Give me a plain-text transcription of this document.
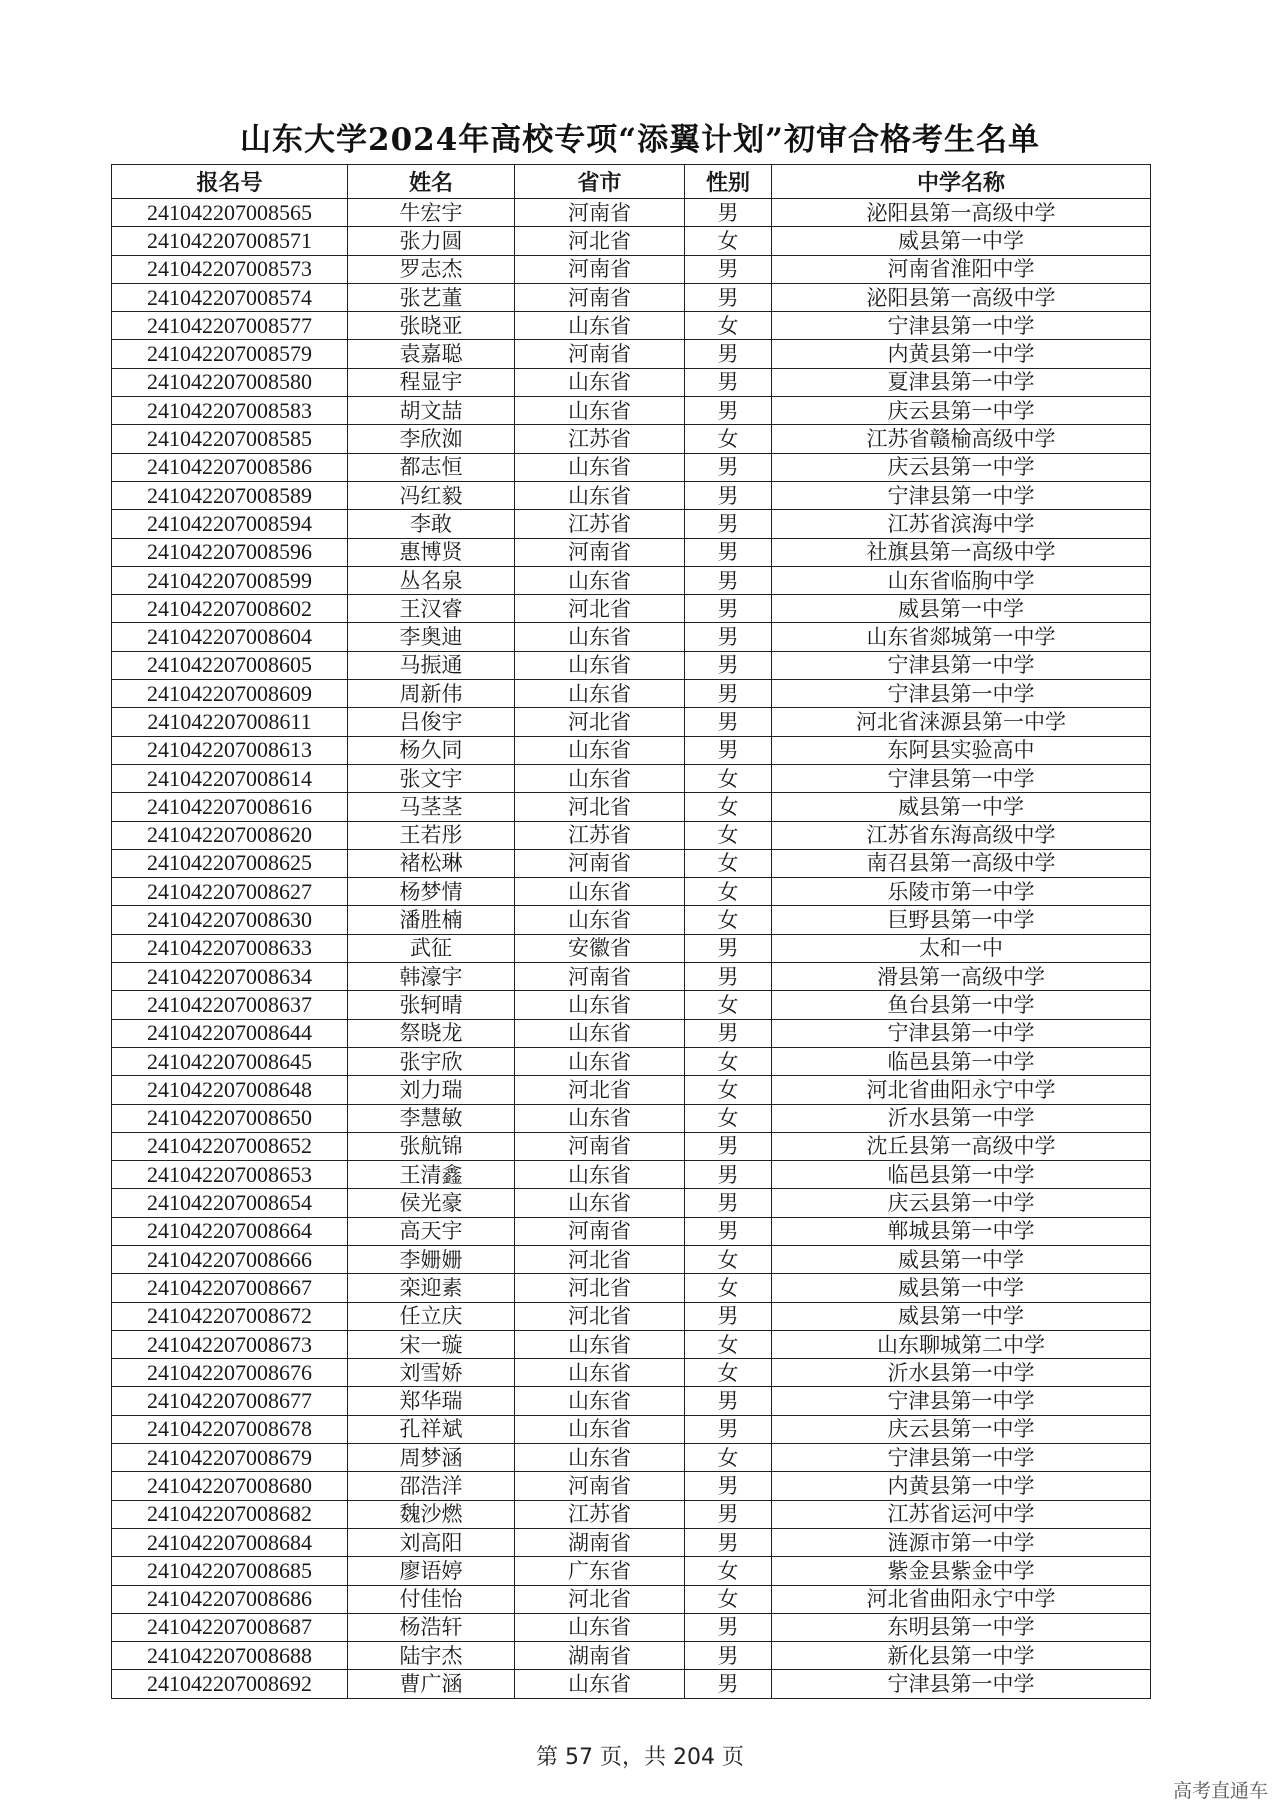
山东大学2024年高校专项“添翼计划”初审合格考生名单
报名号	姓名	省市	性别	中学名称
241042207008565	牛宏宇	河南省	男	泌阳县第一高级中学
241042207008571	张力圆	河北省	女	威县第一中学
241042207008573	罗志杰	河南省	男	河南省淮阳中学
241042207008574	张艺董	河南省	男	泌阳县第一高级中学
241042207008577	张晓亚	山东省	女	宁津县第一中学
241042207008579	袁嘉聪	河南省	男	内黄县第一中学
241042207008580	程显宇	山东省	男	夏津县第一中学
241042207008583	胡文喆	山东省	男	庆云县第一中学
241042207008585	李欣洳	江苏省	女	江苏省赣榆高级中学
241042207008586	都志恒	山东省	男	庆云县第一中学
241042207008589	冯红毅	山东省	男	宁津县第一中学
241042207008594	李敢	江苏省	男	江苏省滨海中学
241042207008596	惠博贤	河南省	男	社旗县第一高级中学
241042207008599	丛名泉	山东省	男	山东省临朐中学
241042207008602	王汉睿	河北省	男	威县第一中学
241042207008604	李奥迪	山东省	男	山东省郯城第一中学
241042207008605	马振通	山东省	男	宁津县第一中学
241042207008609	周新伟	山东省	男	宁津县第一中学
241042207008611	吕俊宇	河北省	男	河北省涞源县第一中学
241042207008613	杨久同	山东省	男	东阿县实验高中
241042207008614	张文宇	山东省	女	宁津县第一中学
241042207008616	马茎茎	河北省	女	威县第一中学
241042207008620	王若彤	江苏省	女	江苏省东海高级中学
241042207008625	褚松琳	河南省	女	南召县第一高级中学
241042207008627	杨梦情	山东省	女	乐陵市第一中学
241042207008630	潘胜楠	山东省	女	巨野县第一中学
241042207008633	武征	安徽省	男	太和一中
241042207008634	韩濠宇	河南省	男	滑县第一高级中学
241042207008637	张轲晴	山东省	女	鱼台县第一中学
241042207008644	祭晓龙	山东省	男	宁津县第一中学
241042207008645	张宇欣	山东省	女	临邑县第一中学
241042207008648	刘力瑞	河北省	女	河北省曲阳永宁中学
241042207008650	李慧敏	山东省	女	沂水县第一中学
241042207008652	张航锦	河南省	男	沈丘县第一高级中学
241042207008653	王清鑫	山东省	男	临邑县第一中学
241042207008654	侯光豪	山东省	男	庆云县第一中学
241042207008664	高天宇	河南省	男	郸城县第一中学
241042207008666	李姗姗	河北省	女	威县第一中学
241042207008667	栾迎素	河北省	女	威县第一中学
241042207008672	任立庆	河北省	男	威县第一中学
241042207008673	宋一璇	山东省	女	山东聊城第二中学
241042207008676	刘雪娇	山东省	女	沂水县第一中学
241042207008677	郑华瑞	山东省	男	宁津县第一中学
241042207008678	孔祥斌	山东省	男	庆云县第一中学
241042207008679	周梦涵	山东省	女	宁津县第一中学
241042207008680	邵浩洋	河南省	男	内黄县第一中学
241042207008682	魏沙燃	江苏省	男	江苏省运河中学
241042207008684	刘高阳	湖南省	男	涟源市第一中学
241042207008685	廖语婷	广东省	女	紫金县紫金中学
241042207008686	付佳怡	河北省	女	河北省曲阳永宁中学
241042207008687	杨浩轩	山东省	男	东明县第一中学
241042207008688	陆宇杰	湖南省	男	新化县第一中学
241042207008692	曹广涵	山东省	男	宁津县第一中学
第 57 页，共 204 页
高考直通车
